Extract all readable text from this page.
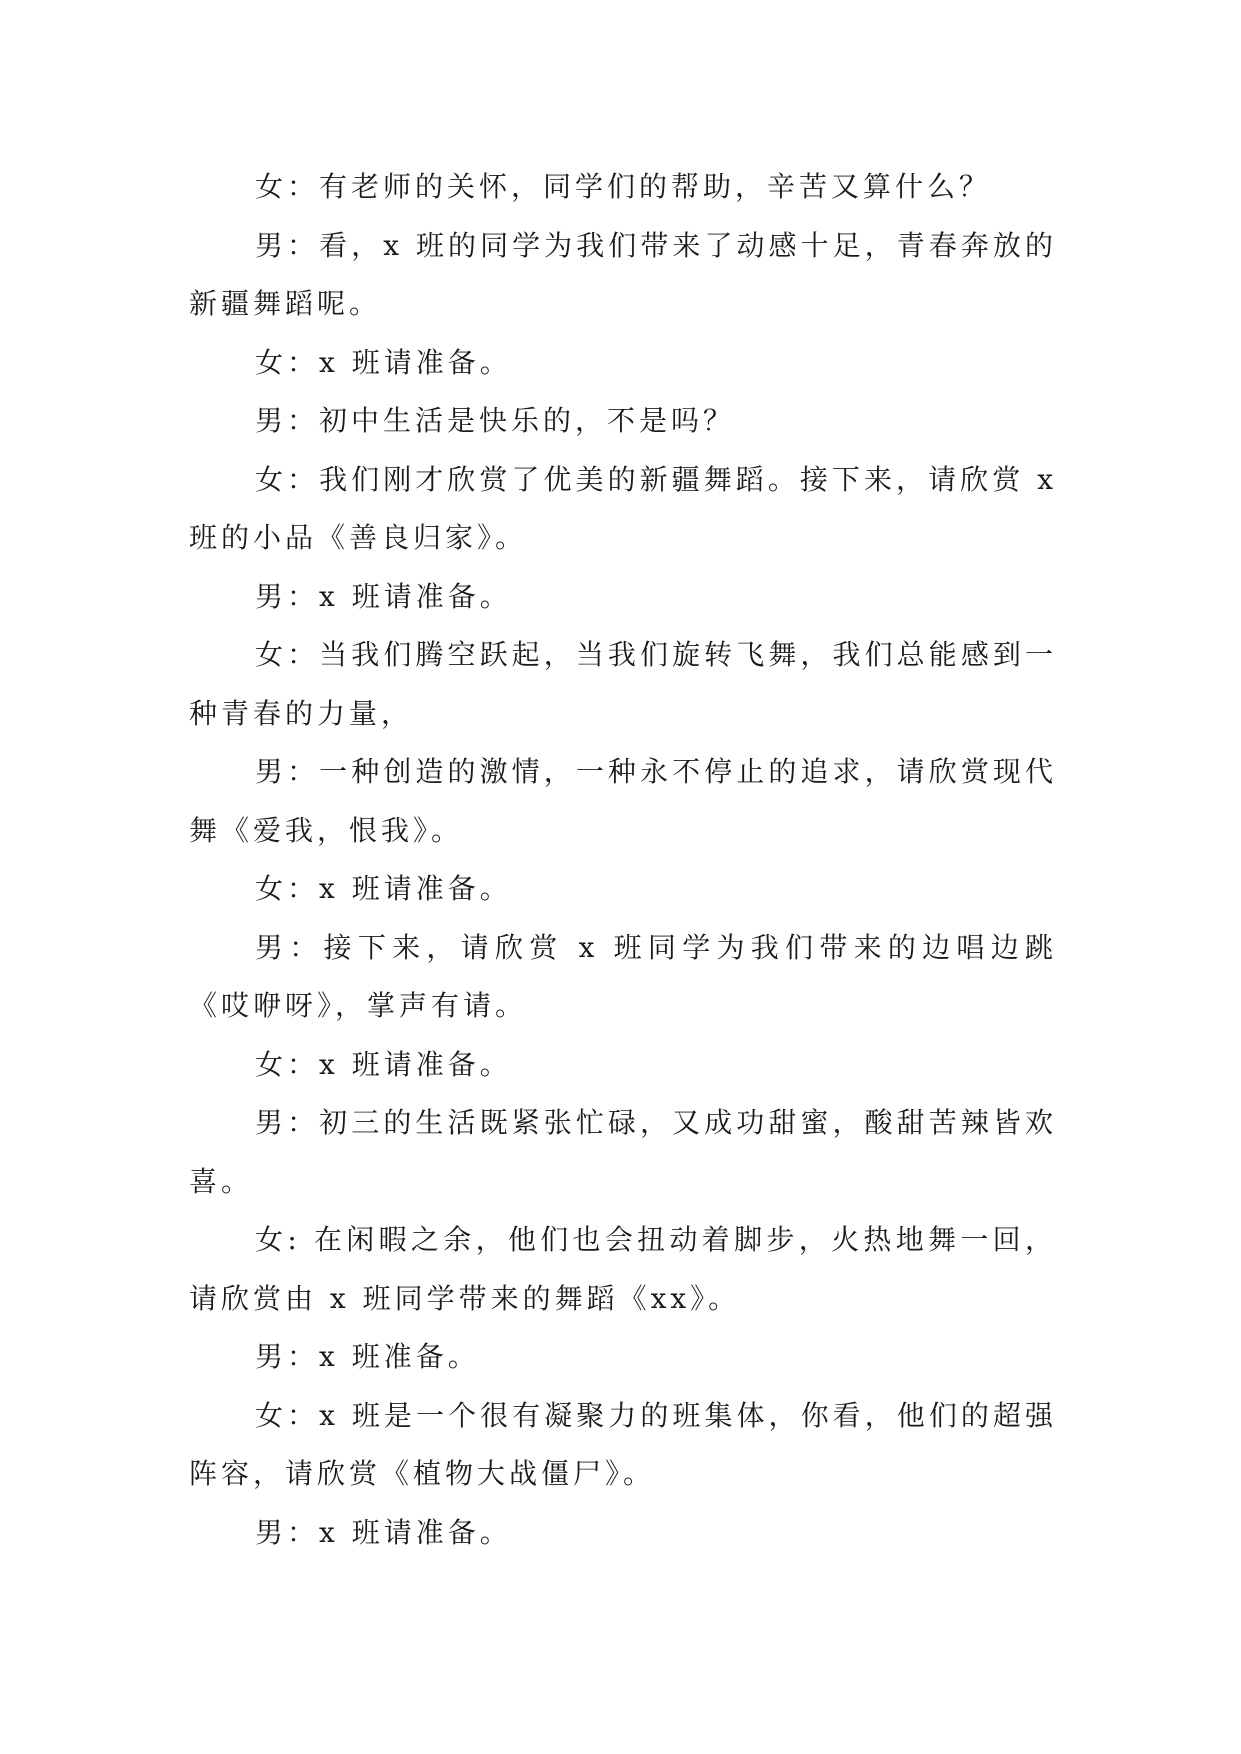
女：有老师的关怀，同学们的帮助，辛苦又算什么？

男：看，x 班的同学为我们带来了动感十足，青春奔放的新疆舞蹈呢。

女：x 班请准备。

男：初中生活是快乐的，不是吗？

女：我们刚才欣赏了优美的新疆舞蹈。接下来，请欣赏 x 班的小品《善良归家》。

男：x 班请准备。

女：当我们腾空跃起，当我们旋转飞舞，我们总能感到一种青春的力量，

男：一种创造的激情，一种永不停止的追求，请欣赏现代舞《爱我，恨我》。

女：x 班请准备。

男：接下来，请欣赏 x 班同学为我们带来的边唱边跳《哎咿呀》，掌声有请。

女：x 班请准备。

男：初三的生活既紧张忙碌，又成功甜蜜，酸甜苦辣皆欢喜。

女: 在闲暇之余，他们也会扭动着脚步，火热地舞一回，请欣赏由 x 班同学带来的舞蹈《xx》。

男：x 班准备。

女：x 班是一个很有凝聚力的班集体，你看，他们的超强阵容，请欣赏《植物大战僵尸》。

男：x 班请准备。
